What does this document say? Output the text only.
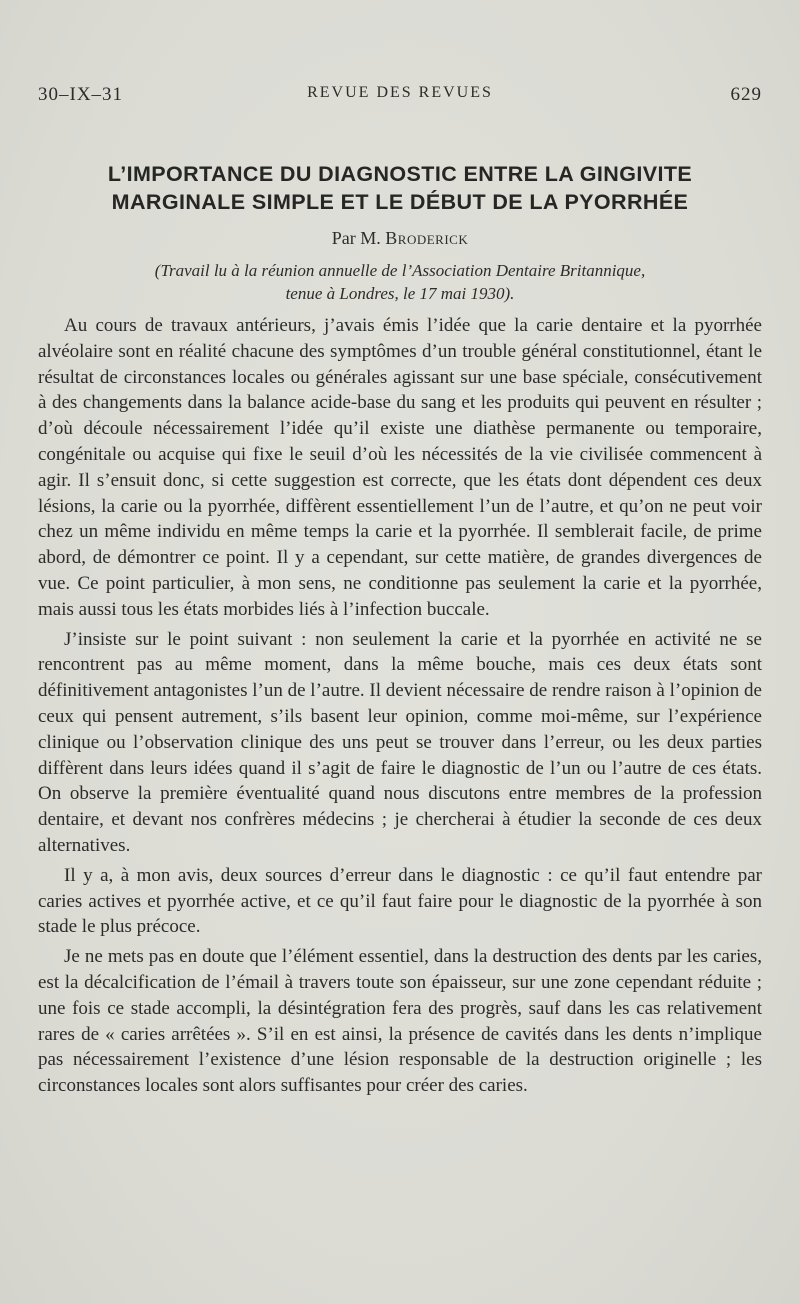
30–IX–31	REVUE DES REVUES	629
L’IMPORTANCE DU DIAGNOSTIC ENTRE LA GINGIVITE
MARGINALE SIMPLE ET LE DÉBUT DE LA PYORRHÉE
Par M. Broderick
(Travail lu à la réunion annuelle de l’Association Dentaire Britannique,
tenue à Londres, le 17 mai 1930).

Au cours de travaux antérieurs, j’avais émis l’idée que la carie dentaire et la pyorrhée alvéolaire sont en réalité chacune des symptômes d’un trouble général constitutionnel, étant le résultat de circonstances locales ou générales agissant sur une base spéciale, consécutivement à des changements dans la balance acide-base du sang et les produits qui peuvent en résulter ; d’où découle nécessairement l’idée qu’il existe une diathèse permanente ou temporaire, congénitale ou acquise qui fixe le seuil d’où les nécessités de la vie civilisée commencent à agir. Il s’ensuit donc, si cette suggestion est correcte, que les états dont dépendent ces deux lésions, la carie ou la pyorrhée, diffèrent essentiellement l’un de l’autre, et qu’on ne peut voir chez un même individu en même temps la carie et la pyorrhée. Il semblerait facile, de prime abord, de démontrer ce point. Il y a cependant, sur cette matière, de grandes divergences de vue. Ce point particulier, à mon sens, ne conditionne pas seulement la carie et la pyorrhée, mais aussi tous les états morbides liés à l’infection buccale.

J’insiste sur le point suivant : non seulement la carie et la pyorrhée en activité ne se rencontrent pas au même moment, dans la même bouche, mais ces deux états sont définitivement antagonistes l’un de l’autre. Il devient nécessaire de rendre raison à l’opinion de ceux qui pensent autrement, s’ils basent leur opinion, comme moi-même, sur l’expérience clinique ou l’observation clinique des uns peut se trouver dans l’erreur, ou les deux parties diffèrent dans leurs idées quand il s’agit de faire le diagnostic de l’un ou l’autre de ces états. On observe la première éventualité quand nous discutons entre membres de la profession dentaire, et devant nos confrères médecins ; je chercherai à étudier la seconde de ces deux alternatives.

Il y a, à mon avis, deux sources d’erreur dans le diagnostic : ce qu’il faut entendre par caries actives et pyorrhée active, et ce qu’il faut faire pour le diagnostic de la pyorrhée à son stade le plus précoce.

Je ne mets pas en doute que l’élément essentiel, dans la destruction des dents par les caries, est la décalcification de l’émail à travers toute son épaisseur, sur une zone cependant réduite ; une fois ce stade accompli, la désintégration fera des progrès, sauf dans les cas relativement rares de « caries arrêtées ». S’il en est ainsi, la présence de cavités dans les dents n’implique pas nécessairement l’existence d’une lésion responsable de la destruction originelle ; les circonstances locales sont alors suffisantes pour créer des caries.
